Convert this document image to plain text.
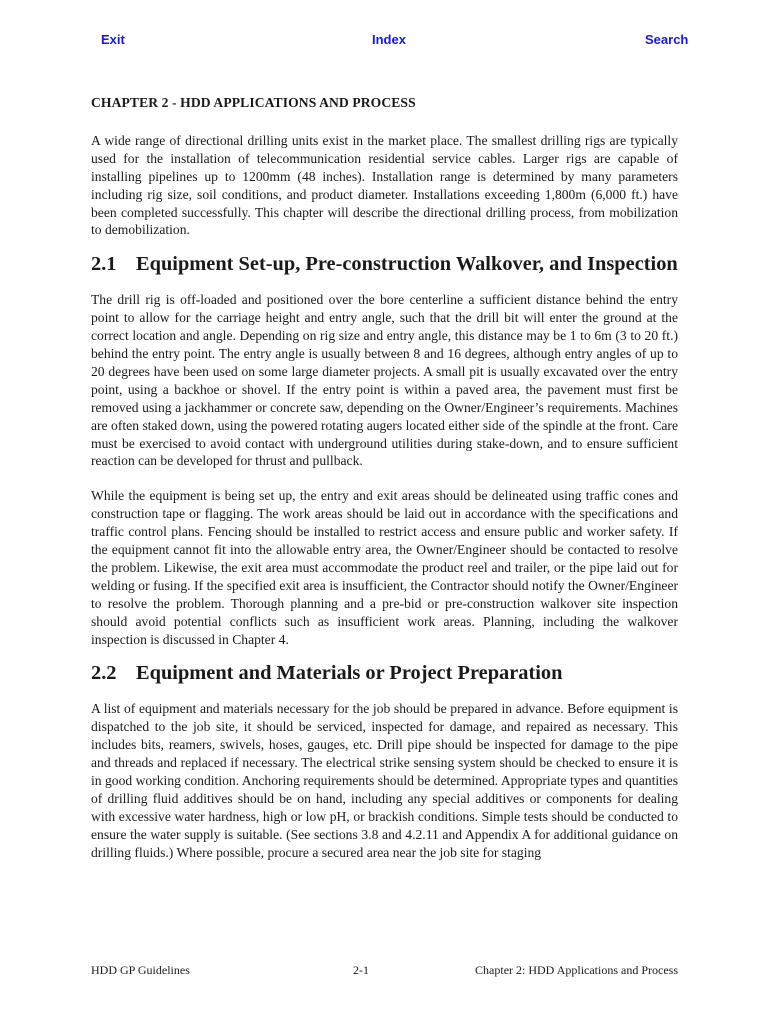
Exit	Index	Search
CHAPTER 2 - HDD APPLICATIONS AND PROCESS

A wide range of directional drilling units exist in the market place. The smallest drilling rigs are typically used for the installation of telecommunication residential service cables. Larger rigs are capable of installing pipelines up to 1200mm (48 inches). Installation range is determined by many parameters including rig size, soil conditions, and product diameter. Installations exceeding 1,800m (6,000 ft.) have been completed successfully. This chapter will describe the directional drilling process, from mobilization to demobilization.

2.1 Equipment Set-up, Pre-construction Walkover, and Inspection

The drill rig is off-loaded and positioned over the bore centerline a sufficient distance behind the entry point to allow for the carriage height and entry angle, such that the drill bit will enter the ground at the correct location and angle. Depending on rig size and entry angle, this distance may be 1 to 6m (3 to 20 ft.) behind the entry point. The entry angle is usually between 8 and 16 degrees, although entry angles of up to 20 degrees have been used on some large diameter projects. A small pit is usually excavated over the entry point, using a backhoe or shovel. If the entry point is within a paved area, the pavement must first be removed using a jackhammer or concrete saw, depending on the Owner/Engineer’s requirements. Machines are often staked down, using the powered rotating augers located either side of the spindle at the front. Care must be exercised to avoid contact with underground utilities during stake-down, and to ensure sufficient reaction can be developed for thrust and pullback.

While the equipment is being set up, the entry and exit areas should be delineated using traffic cones and construction tape or flagging. The work areas should be laid out in accordance with the specifications and traffic control plans. Fencing should be installed to restrict access and ensure public and worker safety. If the equipment cannot fit into the allowable entry area, the Owner/Engineer should be contacted to resolve the problem. Likewise, the exit area must accommodate the product reel and trailer, or the pipe laid out for welding or fusing. If the specified exit area is insufficient, the Contractor should notify the Owner/Engineer to resolve the problem. Thorough planning and a pre-bid or pre-construction walkover site inspection should avoid potential conflicts such as insufficient work areas. Planning, including the walkover inspection is discussed in Chapter 4.

2.2 Equipment and Materials or Project Preparation

A list of equipment and materials necessary for the job should be prepared in advance. Before equipment is dispatched to the job site, it should be serviced, inspected for damage, and repaired as necessary. This includes bits, reamers, swivels, hoses, gauges, etc. Drill pipe should be inspected for damage to the pipe and threads and replaced if necessary. The electrical strike sensing system should be checked to ensure it is in good working condition. Anchoring requirements should be determined. Appropriate types and quantities of drilling fluid additives should be on hand, including any special additives or components for dealing with excessive water hardness, high or low pH, or brackish conditions. Simple tests should be conducted to ensure the water supply is suitable. (See sections 3.8 and 4.2.11 and Appendix A for additional guidance on drilling fluids.) Where possible, procure a secured area near the job site for staging

HDD GP Guidelines	2-1	Chapter 2: HDD Applications and Process
